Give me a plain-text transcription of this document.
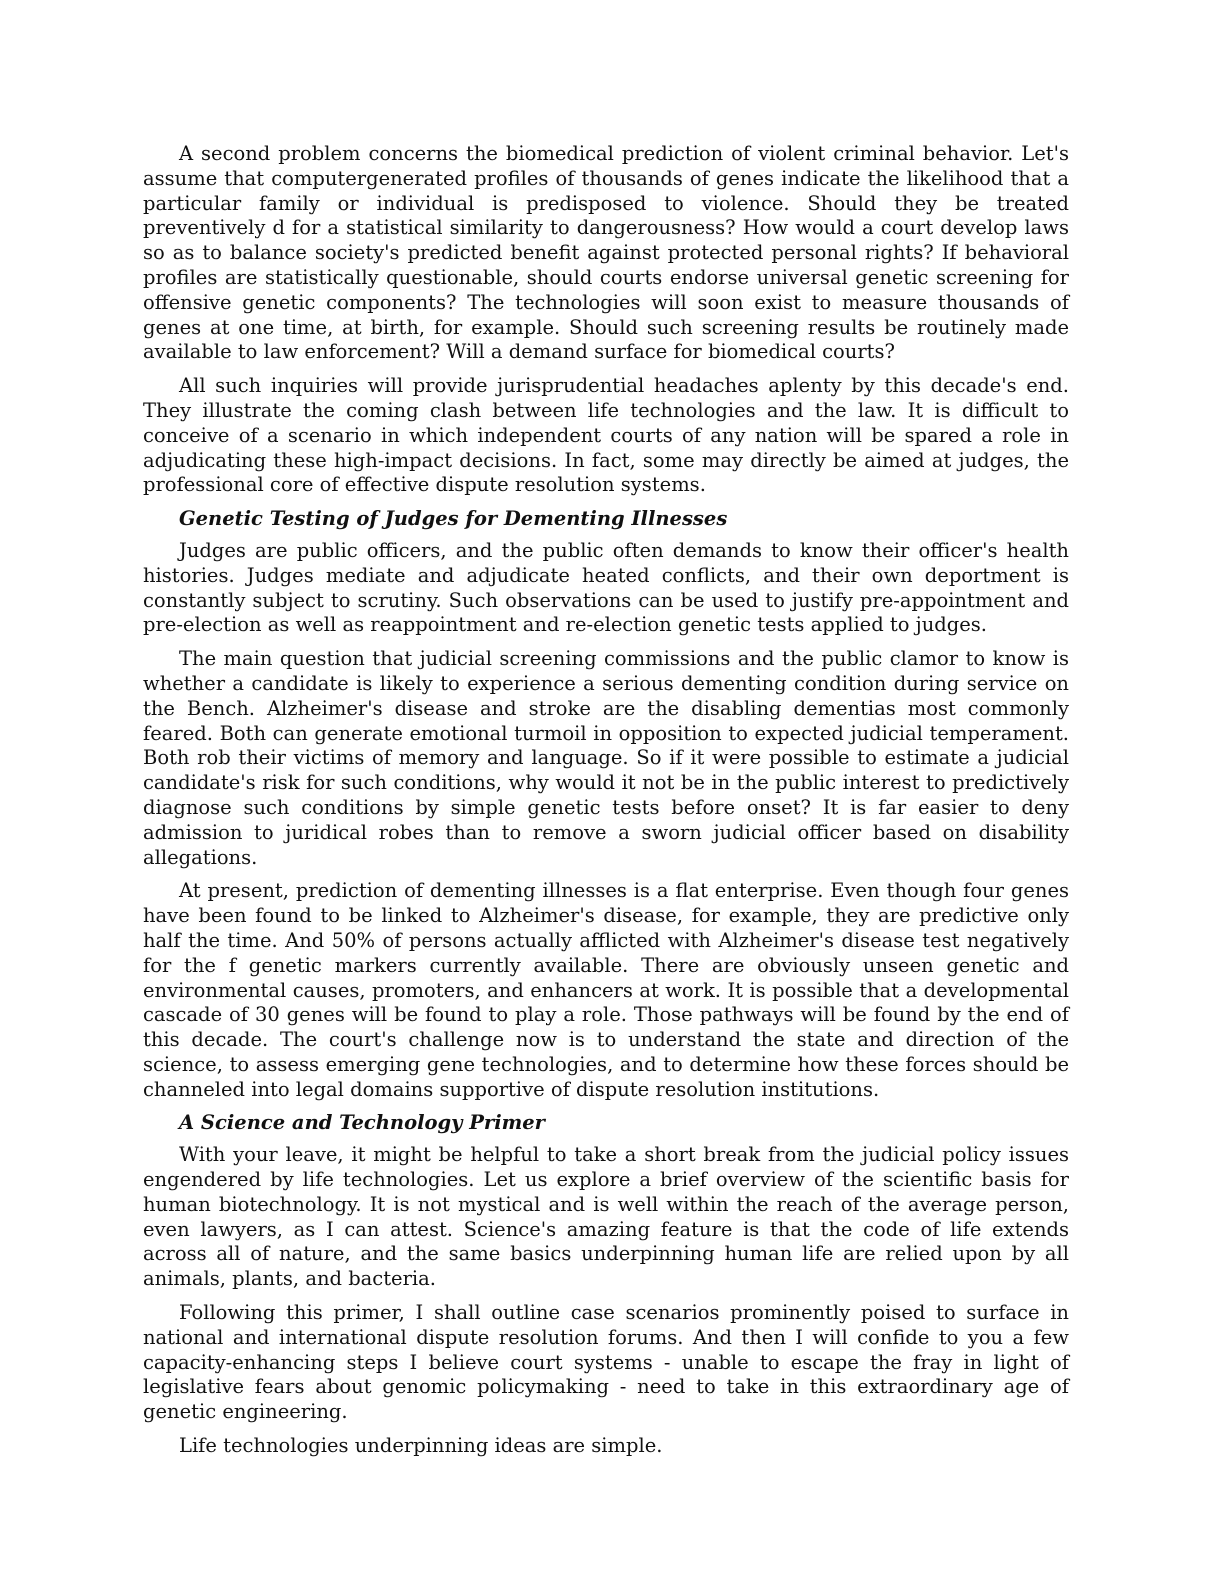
A second problem concerns the biomedical prediction of violent criminal behavior. Let's assume that computergenerated profiles of thousands of genes indicate the likelihood that a particular family or individual is predisposed to violence. Should they be treated preventively d for a statistical similarity to dangerousness? How would a court develop laws so as to balance society's predicted benefit against protected personal rights? If behavioral profiles are statistically questionable, should courts endorse universal genetic screening for offensive genetic components? The technologies will soon exist to measure thousands of genes at one time, at birth, for example. Should such screening results be routinely made available to law enforcement? Will a demand surface for biomedical courts?

All such inquiries will provide jurisprudential headaches aplenty by this decade's end. They illustrate the coming clash between life technologies and the law. It is difficult to conceive of a scenario in which independent courts of any nation will be spared a role in adjudicating these high-impact decisions. In fact, some may directly be aimed at judges, the professional core of effective dispute resolution systems.

Genetic Testing of Judges for Dementing Illnesses

Judges are public officers, and the public often demands to know their officer's health histories. Judges mediate and adjudicate heated conflicts, and their own deportment is constantly subject to scrutiny. Such observations can be used to justify pre-appointment and pre-election as well as reappointment and re-election genetic tests applied to judges.

The main question that judicial screening commissions and the public clamor to know is whether a candidate is likely to experience a serious dementing condition during service on the Bench. Alzheimer's disease and stroke are the disabling dementias most commonly feared. Both can generate emotional turmoil in opposition to expected judicial temperament. Both rob their victims of memory and language. So if it were possible to estimate a judicial candidate's risk for such conditions, why would it not be in the public interest to predictively diagnose such conditions by simple genetic tests before onset? It is far easier to deny admission to juridical robes than to remove a sworn judicial officer based on disability allegations.

At present, prediction of dementing illnesses is a flat enterprise. Even though four genes have been found to be linked to Alzheimer's disease, for example, they are predictive only half the time. And 50% of persons actually afflicted with Alzheimer's disease test negatively for the f genetic markers currently available. There are obviously unseen genetic and environmental causes, promoters, and enhancers at work. It is possible that a developmental cascade of 30 genes will be found to play a role. Those pathways will be found by the end of this decade. The court's challenge now is to understand the state and direction of the science, to assess emerging gene technologies, and to determine how these forces should be channeled into legal domains supportive of dispute resolution institutions.

A Science and Technology Primer

With your leave, it might be helpful to take a short break from the judicial policy issues engendered by life technologies. Let us explore a brief overview of the scientific basis for human biotechnology. It is not mystical and is well within the reach of the average person, even lawyers, as I can attest. Science's amazing feature is that the code of life extends across all of nature, and the same basics underpinning human life are relied upon by all animals, plants, and bacteria.

Following this primer, I shall outline case scenarios prominently poised to surface in national and international dispute resolution forums. And then I will confide to you a few capacity-enhancing steps I believe court systems - unable to escape the fray in light of legislative fears about genomic policymaking - need to take in this extraordinary age of genetic engineering.

Life technologies underpinning ideas are simple.
